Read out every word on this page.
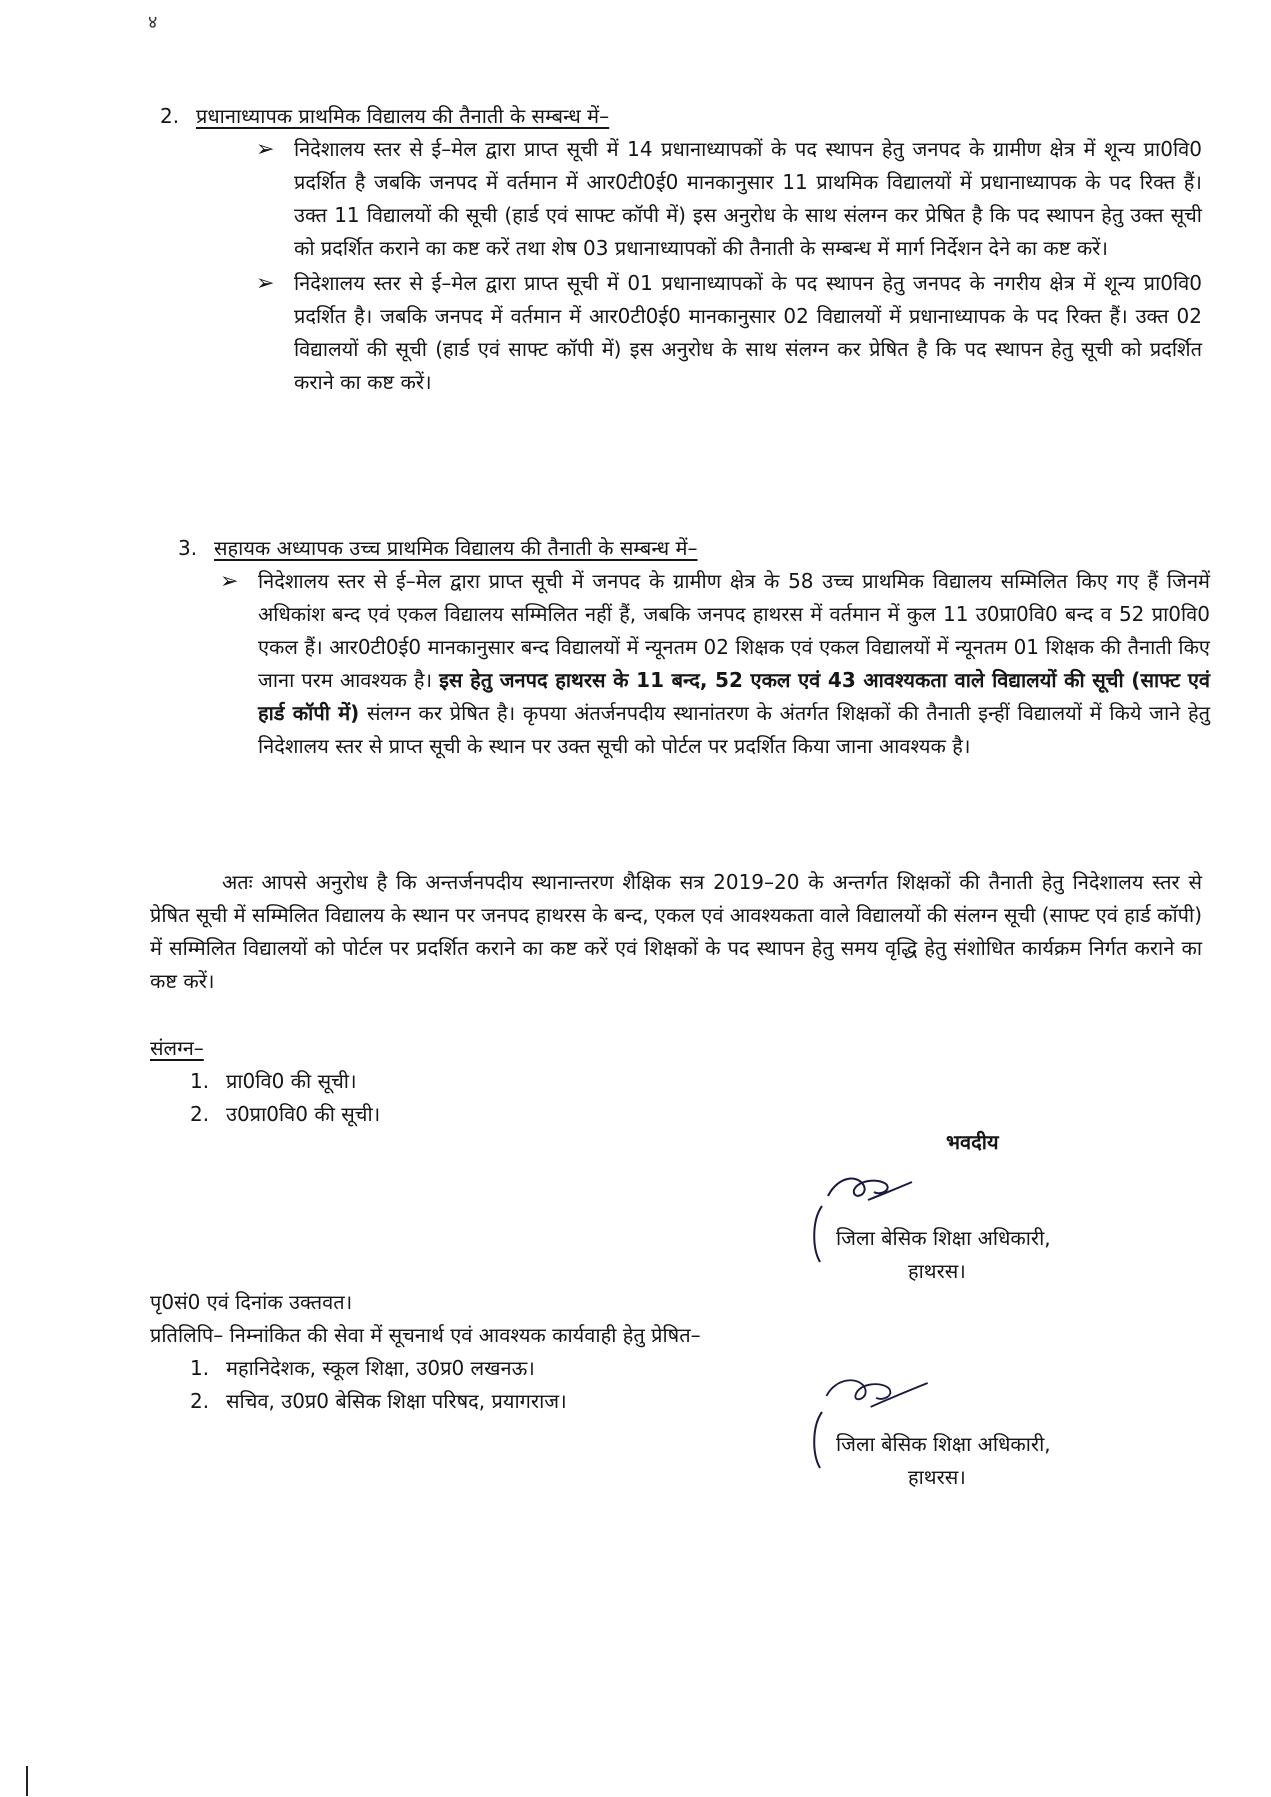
४
2. प्रधानाध्यापक प्राथमिक विद्यालय की तैनाती के सम्बन्ध में–
➢ निदेशालय स्तर से ई–मेल द्वारा प्राप्त सूची में 14 प्रधानाध्यापकों के पद स्थापन हेतु जनपद के ग्रामीण क्षेत्र में शून्य प्रा0वि0 प्रदर्शित है जबकि जनपद में वर्तमान में आर0टी0ई0 मानकानुसार 11 प्राथमिक विद्यालयों में प्रधानाध्यापक के पद रिक्त हैं। उक्त 11 विद्यालयों की सूची (हार्ड एवं साफ्ट कॉपी में) इस अनुरोध के साथ संलग्न कर प्रेषित है कि पद स्थापन हेतु उक्त सूची को प्रदर्शित कराने का कष्ट करें तथा शेष 03 प्रधानाध्यापकों की तैनाती के सम्बन्ध में मार्ग निर्देशन देने का कष्ट करें।
➢ निदेशालय स्तर से ई–मेल द्वारा प्राप्त सूची में 01 प्रधानाध्यापकों के पद स्थापन हेतु जनपद के नगरीय क्षेत्र में शून्य प्रा0वि0 प्रदर्शित है। जबकि जनपद में वर्तमान में आर0टी0ई0 मानकानुसार 02 विद्यालयों में प्रधानाध्यापक के पद रिक्त हैं। उक्त 02 विद्यालयों की सूची (हार्ड एवं साफ्ट कॉपी में) इस अनुरोध के साथ संलग्न कर प्रेषित है कि पद स्थापन हेतु सूची को प्रदर्शित कराने का कष्ट करें।
3. सहायक अध्यापक उच्च प्राथमिक विद्यालय की तैनाती के सम्बन्ध में–
➢ निदेशालय स्तर से ई–मेल द्वारा प्राप्त सूची में जनपद के ग्रामीण क्षेत्र के 58 उच्च प्राथमिक विद्यालय सम्मिलित किए गए हैं जिनमें अधिकांश बन्द एवं एकल विद्यालय सम्मिलित नहीं हैं, जबकि जनपद हाथरस में वर्तमान में कुल 11 उ0प्रा0वि0 बन्द व 52 प्रा0वि0 एकल हैं। आर0टी0ई0 मानकानुसार बन्द विद्यालयों में न्यूनतम 02 शिक्षक एवं एकल विद्यालयों में न्यूनतम 01 शिक्षक की तैनाती किए जाना परम आवश्यक है। इस हेतु जनपद हाथरस के 11 बन्द, 52 एकल एवं 43 आवश्यकता वाले विद्यालयों की सूची (साफ्ट एवं हार्ड कॉपी में) संलग्न कर प्रेषित है। कृपया अंतर्जनपदीय स्थानांतरण के अंतर्गत शिक्षकों की तैनाती इन्हीं विद्यालयों में किये जाने हेतु निदेशालय स्तर से प्राप्त सूची के स्थान पर उक्त सूची को पोर्टल पर प्रदर्शित किया जाना आवश्यक है।
अतः आपसे अनुरोध है कि अन्तर्जनपदीय स्थानान्तरण शैक्षिक सत्र 2019–20 के अन्तर्गत शिक्षकों की तैनाती हेतु निदेशालय स्तर से प्रेषित सूची में सम्मिलित विद्यालय के स्थान पर जनपद हाथरस के बन्द, एकल एवं आवश्यकता वाले विद्यालयों की संलग्न सूची (साफ्ट एवं हार्ड कॉपी) में सम्मिलित विद्यालयों को पोर्टल पर प्रदर्शित कराने का कष्ट करें एवं शिक्षकों के पद स्थापन हेतु समय वृद्धि हेतु संशोधित कार्यक्रम निर्गत कराने का कष्ट करें।
संलग्न–
1. प्रा0वि0 की सूची।
2. उ0प्रा0वि0 की सूची।
भवदीय
जिला बेसिक शिक्षा अधिकारी,
हाथरस।
पृ0सं0 एवं दिनांक उक्तवत।
प्रतिलिपि– निम्नांकित की सेवा में सूचनार्थ एवं आवश्यक कार्यवाही हेतु प्रेषित–
1. महानिदेशक, स्कूल शिक्षा, उ0प्र0 लखनऊ।
2. सचिव, उ0प्र0 बेसिक शिक्षा परिषद, प्रयागराज।
जिला बेसिक शिक्षा अधिकारी,
हाथरस।
